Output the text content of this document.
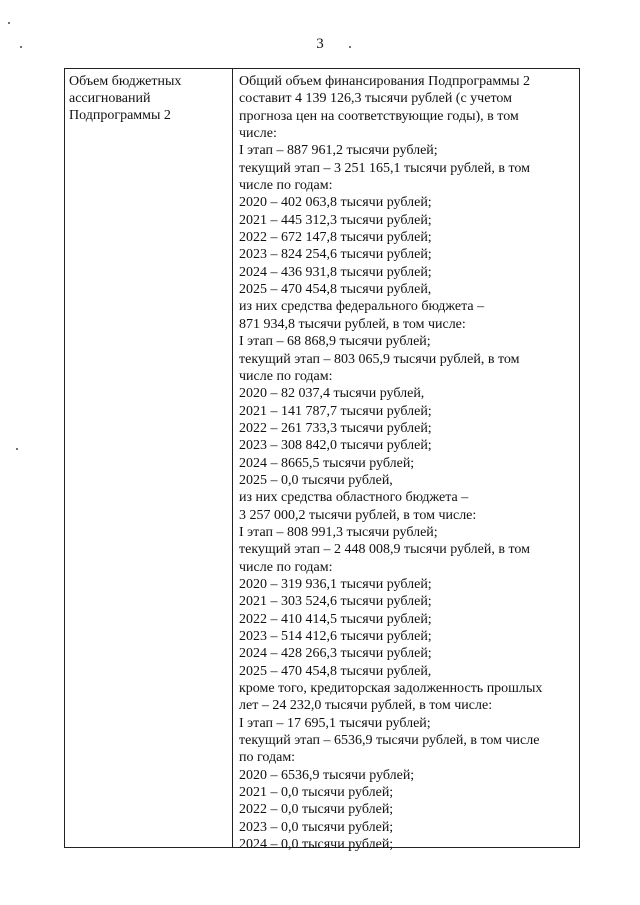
3
Объем бюджетных
ассигнований
Подпрограммы 2
Общий объем финансирования Подпрограммы 2
составит 4 139 126,3 тысячи рублей (с учетом
прогноза цен на соответствующие годы), в том
числе:
I этап – 887 961,2 тысячи рублей;
текущий этап – 3 251 165,1 тысячи рублей, в том
числе по годам:
2020 – 402 063,8 тысячи рублей;
2021 – 445 312,3 тысячи рублей;
2022 – 672 147,8 тысячи рублей;
2023 – 824 254,6 тысячи рублей;
2024 – 436 931,8 тысячи рублей;
2025 – 470 454,8 тысячи рублей,
из них средства федерального бюджета –
871 934,8 тысячи рублей, в том числе:
I этап – 68 868,9 тысячи рублей;
текущий этап – 803 065,9 тысячи рублей, в том
числе по годам:
2020 – 82 037,4 тысячи рублей,
2021 – 141 787,7 тысячи рублей;
2022 – 261 733,3 тысячи рублей;
2023 – 308 842,0 тысячи рублей;
2024 – 8665,5 тысячи рублей;
2025 – 0,0 тысячи рублей,
из них средства областного бюджета –
3 257 000,2 тысячи рублей, в том числе:
I этап – 808 991,3 тысячи рублей;
текущий этап – 2 448 008,9 тысячи рублей, в том
числе по годам:
2020 – 319 936,1 тысячи рублей;
2021 – 303 524,6 тысячи рублей;
2022 – 410 414,5 тысячи рублей;
2023 – 514 412,6 тысячи рублей;
2024 – 428 266,3 тысячи рублей;
2025 – 470 454,8 тысячи рублей,
кроме того, кредиторская задолженность прошлых
лет – 24 232,0 тысячи рублей, в том числе:
I этап – 17 695,1 тысячи рублей;
текущий этап – 6536,9 тысячи рублей, в том числе
по годам:
2020 – 6536,9 тысячи рублей;
2021 – 0,0 тысячи рублей;
2022 – 0,0 тысячи рублей;
2023 – 0,0 тысячи рублей;
2024 – 0,0 тысячи рублей;
